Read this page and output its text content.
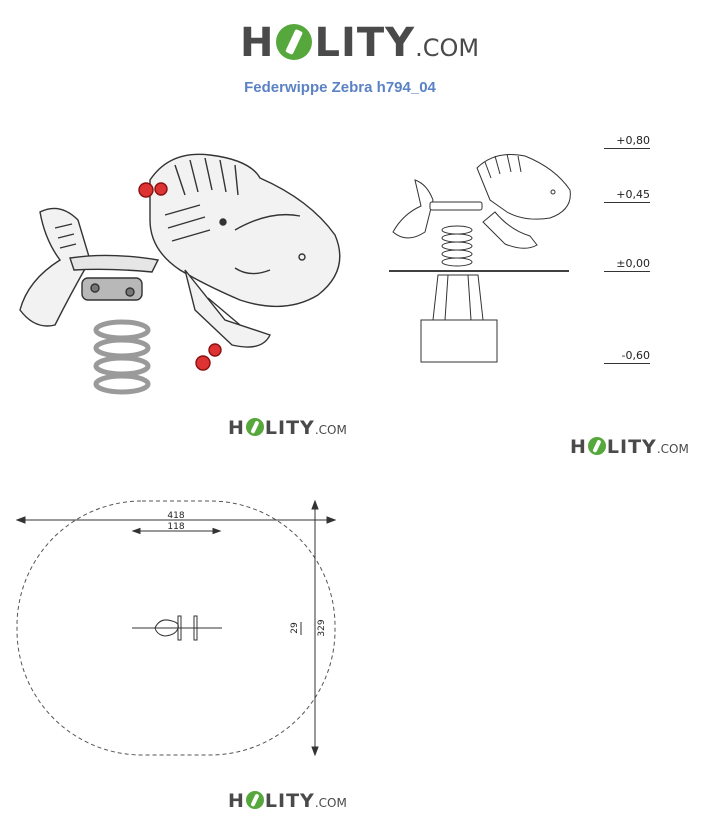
H LITY .COM
Federwippe Zebra h794_04
H LITY .COM
+0,80
+0,45
±0,00
-0,60
H LITY .COM
418
118
329
29
H LITY .COM
